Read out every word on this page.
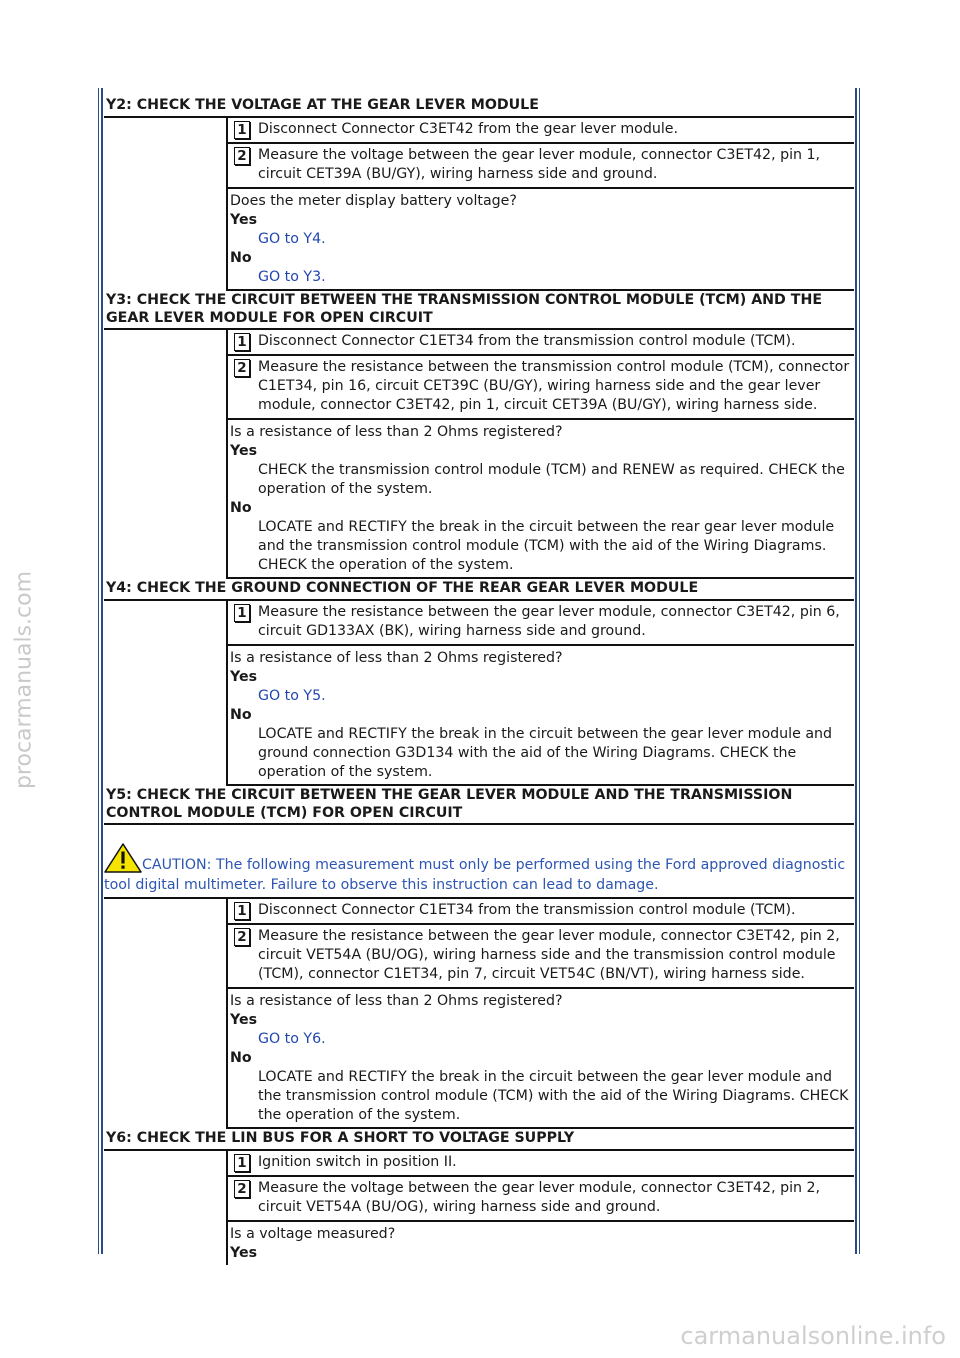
procarmanuals.com
carmanualsonline.info
Y2: CHECK THE VOLTAGE AT THE GEAR LEVER MODULE
1 Disconnect Connector C3ET42 from the gear lever module.
2 Measure the voltage between the gear lever module, connector C3ET42, pin 1, circuit CET39A (BU/GY), wiring harness side and ground.
Does the meter display battery voltage?
Yes
GO to Y4.
No
GO to Y3.
Y3: CHECK THE CIRCUIT BETWEEN THE TRANSMISSION CONTROL MODULE (TCM) AND THE GEAR LEVER MODULE FOR OPEN CIRCUIT
1 Disconnect Connector C1ET34 from the transmission control module (TCM).
2 Measure the resistance between the transmission control module (TCM), connector C1ET34, pin 16, circuit CET39C (BU/GY), wiring harness side and the gear lever module, connector C3ET42, pin 1, circuit CET39A (BU/GY), wiring harness side.
Is a resistance of less than 2 Ohms registered?
Yes
CHECK the transmission control module (TCM) and RENEW as required. CHECK the operation of the system.
No
LOCATE and RECTIFY the break in the circuit between the rear gear lever module and the transmission control module (TCM) with the aid of the Wiring Diagrams. CHECK the operation of the system.
Y4: CHECK THE GROUND CONNECTION OF THE REAR GEAR LEVER MODULE
1 Measure the resistance between the gear lever module, connector C3ET42, pin 6, circuit GD133AX (BK), wiring harness side and ground.
Is a resistance of less than 2 Ohms registered?
Yes
GO to Y5.
No
LOCATE and RECTIFY the break in the circuit between the gear lever module and ground connection G3D134 with the aid of the Wiring Diagrams. CHECK the operation of the system.
Y5: CHECK THE CIRCUIT BETWEEN THE GEAR LEVER MODULE AND THE TRANSMISSION CONTROL MODULE (TCM) FOR OPEN CIRCUIT
CAUTION: The following measurement must only be performed using the Ford approved diagnostic tool digital multimeter. Failure to observe this instruction can lead to damage.
1 Disconnect Connector C1ET34 from the transmission control module (TCM).
2 Measure the resistance between the gear lever module, connector C3ET42, pin 2, circuit VET54A (BU/OG), wiring harness side and the transmission control module (TCM), connector C1ET34, pin 7, circuit VET54C (BN/VT), wiring harness side.
Is a resistance of less than 2 Ohms registered?
Yes
GO to Y6.
No
LOCATE and RECTIFY the break in the circuit between the gear lever module and the transmission control module (TCM) with the aid of the Wiring Diagrams. CHECK the operation of the system.
Y6: CHECK THE LIN BUS FOR A SHORT TO VOLTAGE SUPPLY
1 Ignition switch in position II.
2 Measure the voltage between the gear lever module, connector C3ET42, pin 2, circuit VET54A (BU/OG), wiring harness side and ground.
Is a voltage measured?
Yes
